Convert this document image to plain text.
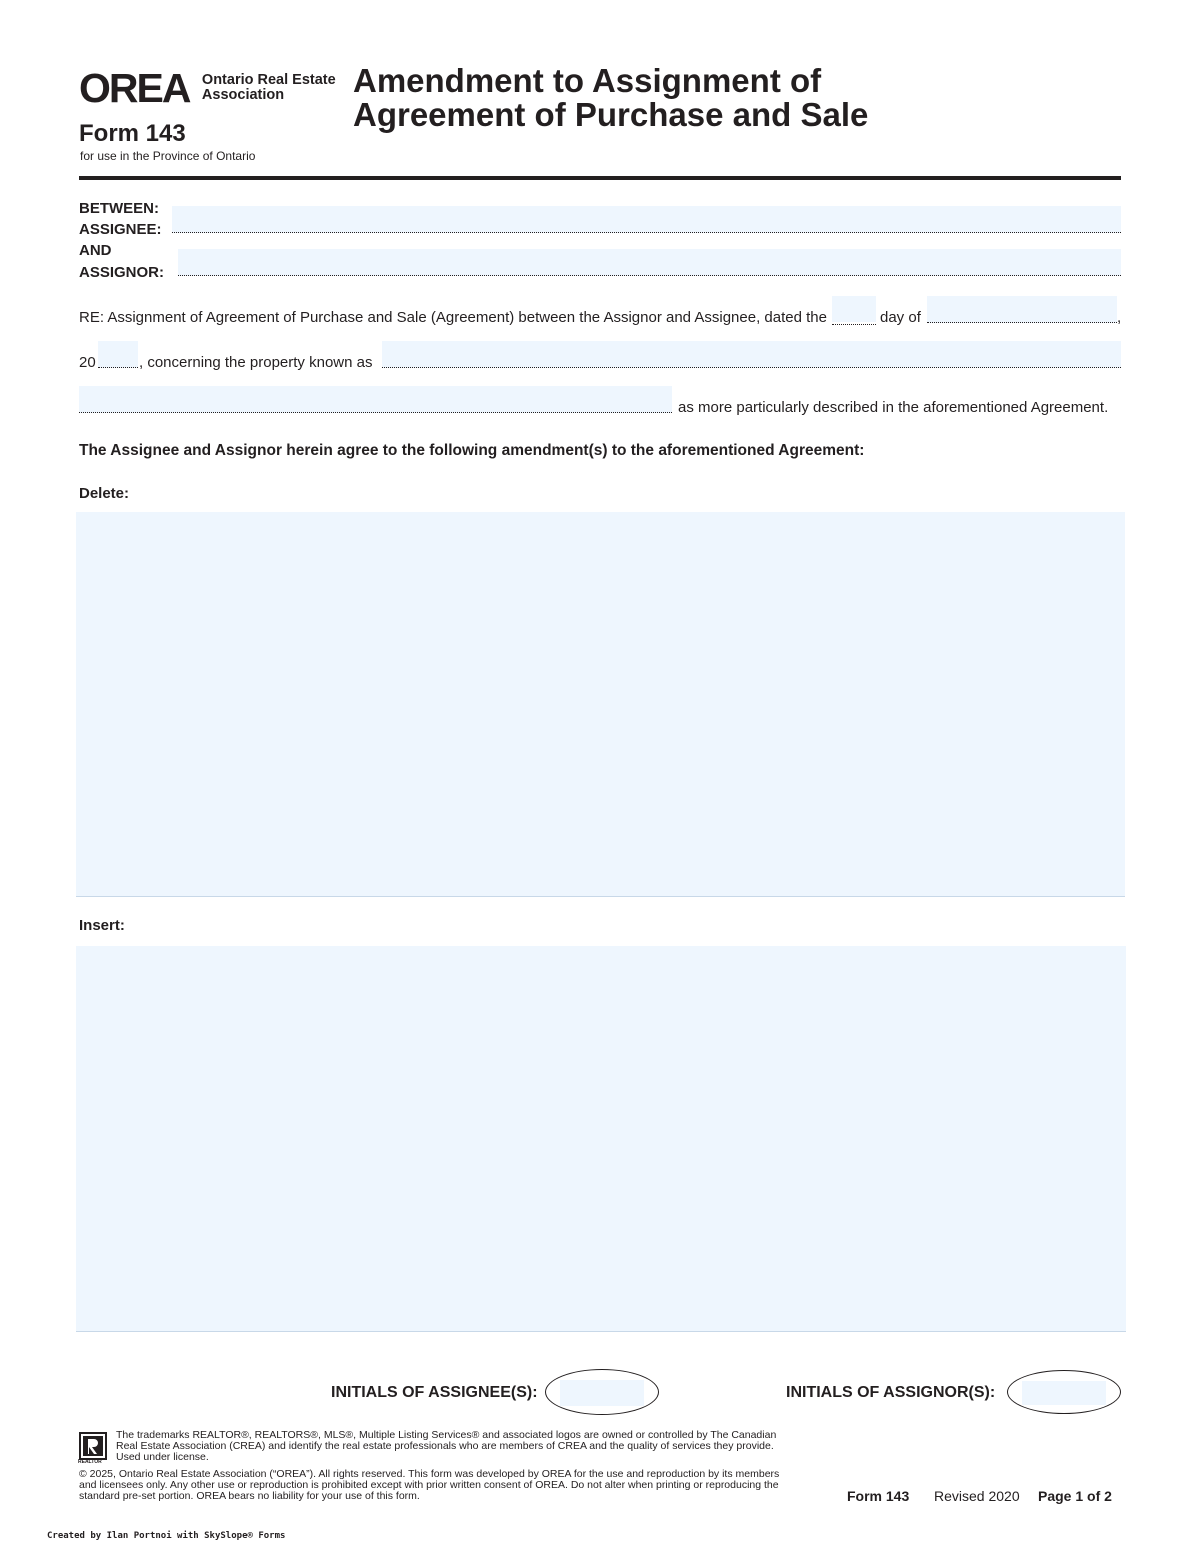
OREA Ontario Real Estate
Association
Form 143
for use in the Province of Ontario
Amendment to Assignment of
Agreement of Purchase and Sale
BETWEEN:
ASSIGNEE:
AND
ASSIGNOR:
RE: Assignment of Agreement of Purchase and Sale (Agreement) between the Assignor and Assignee, dated the	day of	,
20	, concerning the property known as
as more particularly described in the aforementioned Agreement.
The Assignee and Assignor herein agree to the following amendment(s) to the aforementioned Agreement:
Delete:
Insert:
INITIALS OF ASSIGNEE(S):	INITIALS OF ASSIGNOR(S):
REALTOR
The trademarks REALTOR®, REALTORS®, MLS®, Multiple Listing Services® and associated logos are owned or controlled by The Canadian Real Estate Association (CREA) and identify the real estate professionals who are members of CREA and the quality of services they provide. Used under license.
© 2025, Ontario Real Estate Association (“OREA”). All rights reserved. This form was developed by OREA for the use and reproduction by its members and licensees only. Any other use or reproduction is prohibited except with prior written consent of OREA. Do not alter when printing or reproducing the standard pre-set portion. OREA bears no liability for your use of this form.	Form 143 Revised 2020 Page 1 of 2
Created by Ilan Portnoi with SkySlope® Forms
